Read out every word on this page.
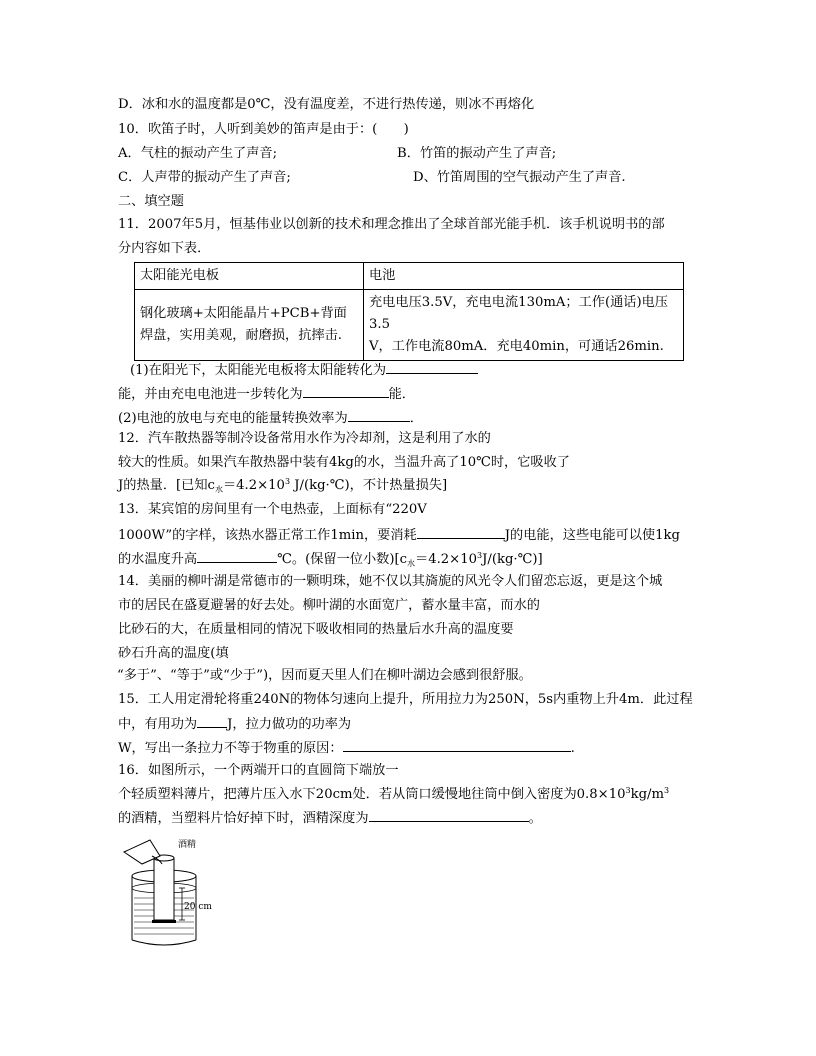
D．冰和水的温度都是0℃，没有温度差，不进行热传递，则冰不再熔化
10．吹笛子时，人听到美妙的笛声是由于：(　　)
A．气柱的振动产生了声音;	B．竹笛的振动产生了声音;
C．人声带的振动产生了声音;	D、竹笛周围的空气振动产生了声音.
二、填空题
11．2007年5月，恒基伟业以创新的技术和理念推出了全球首部光能手机．该手机说明书的部
分内容如下表．
太阳能光电板	电池
钢化玻璃+太阳能晶片+PCB+背面焊盘，实用美观，耐磨损，抗摔击.	充电电压3.5V，充电电流130mA；工作(通话)电压
3.5
V，工作电流80mA．充电40min，可通话26min.
(1)在阳光下，太阳能光电板将太阳能转化为
能，并由充电电池进一步转化为	能．
(2)电池的放电与充电的能量转换效率为	．
12．汽车散热器等制冷设备常用水作为冷却剂，这是利用了水的
较大的性质。如果汽车散热器中装有4kg的水，当温升高了10℃时，它吸收了
J的热量．[已知$c_水=4.2\times 10^3$ J/(kg·℃)，不计热量损失]
13．某宾馆的房间里有一个电热壶，上面标有“220V
1000W”的字样，该热水器正常工作1min，要消耗	J的电能，这些电能可以使1kg
的水温度升高	℃。(保留一位小数)$[c_水=4.2\times 10^3J/(kg\cdot℃)]$
14．美丽的柳叶湖是常德市的一颗明珠，她不仅以其旖旎的风光令人们留恋忘返，更是这个城
市的居民在盛夏避暑的好去处。柳叶湖的水面宽广，蓄水量丰富，而水的
比砂石的大，在质量相同的情况下吸收相同的热量后水升高的温度要
砂石升高的温度(填
“多于”、“等于”或“少于”)，因而夏天里人们在柳叶湖边会感到很舒服。
15．工人用定滑轮将重240N的物体匀速向上提升，所用拉力为250N，5s内重物上升4m．此过程
中，有用功为 J，拉力做功的功率为
W，写出一条拉力不等于物重的原因：	.
16．如图所示，一个两端开口的直圆筒下端放一
个轻质塑料薄片，把薄片压入水下20cm处．若从筒口缓慢地往筒中倒入密度为$0.8\times 10^3kg/m^3$
的酒精，当塑料片恰好掉下时，酒精深度为	。
酒精
20 cm
